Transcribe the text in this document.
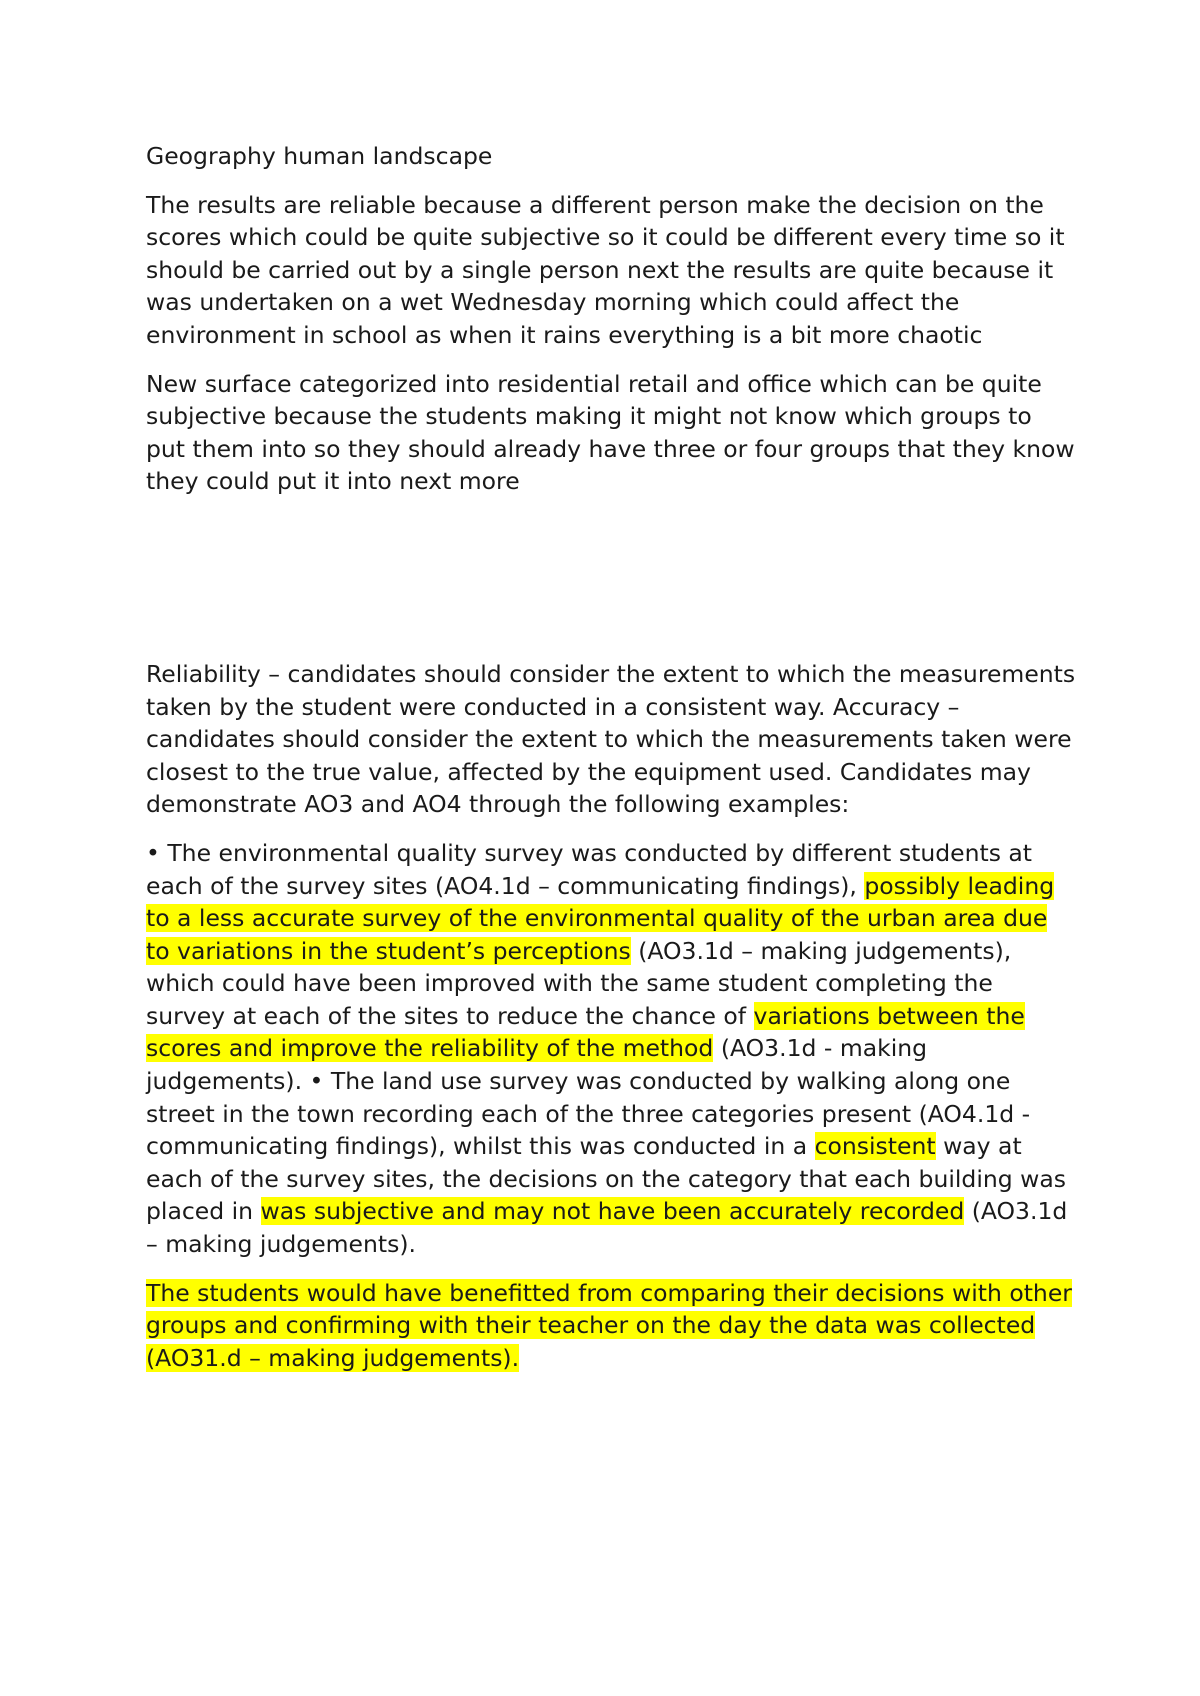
Geography human landscape

The results are reliable because a different person make the decision on the scores which could be quite subjective so it could be different every time so it should be carried out by a single person next the results are quite because it was undertaken on a wet Wednesday morning which could affect the environment in school as when it rains everything is a bit more chaotic

New surface categorized into residential retail and office which can be quite subjective because the students making it might not know which groups to put them into so they should already have three or four groups that they know they could put it into next more

Reliability – candidates should consider the extent to which the measurements taken by the student were conducted in a consistent way. Accuracy – candidates should consider the extent to which the measurements taken were closest to the true value, affected by the equipment used. Candidates may demonstrate AO3 and AO4 through the following examples:

• The environmental quality survey was conducted by different students at each of the survey sites (AO4.1d – communicating findings), possibly leading to a less accurate survey of the environmental quality of the urban area due to variations in the student’s perceptions (AO3.1d – making judgements), which could have been improved with the same student completing the survey at each of the sites to reduce the chance of variations between the scores and improve the reliability of the method (AO3.1d - making judgements). • The land use survey was conducted by walking along one street in the town recording each of the three categories present (AO4.1d - communicating findings), whilst this was conducted in a consistent way at each of the survey sites, the decisions on the category that each building was placed in was subjective and may not have been accurately recorded (AO3.1d – making judgements).

The students would have benefitted from comparing their decisions with other groups and confirming with their teacher on the day the data was collected (AO31.d – making judgements).
